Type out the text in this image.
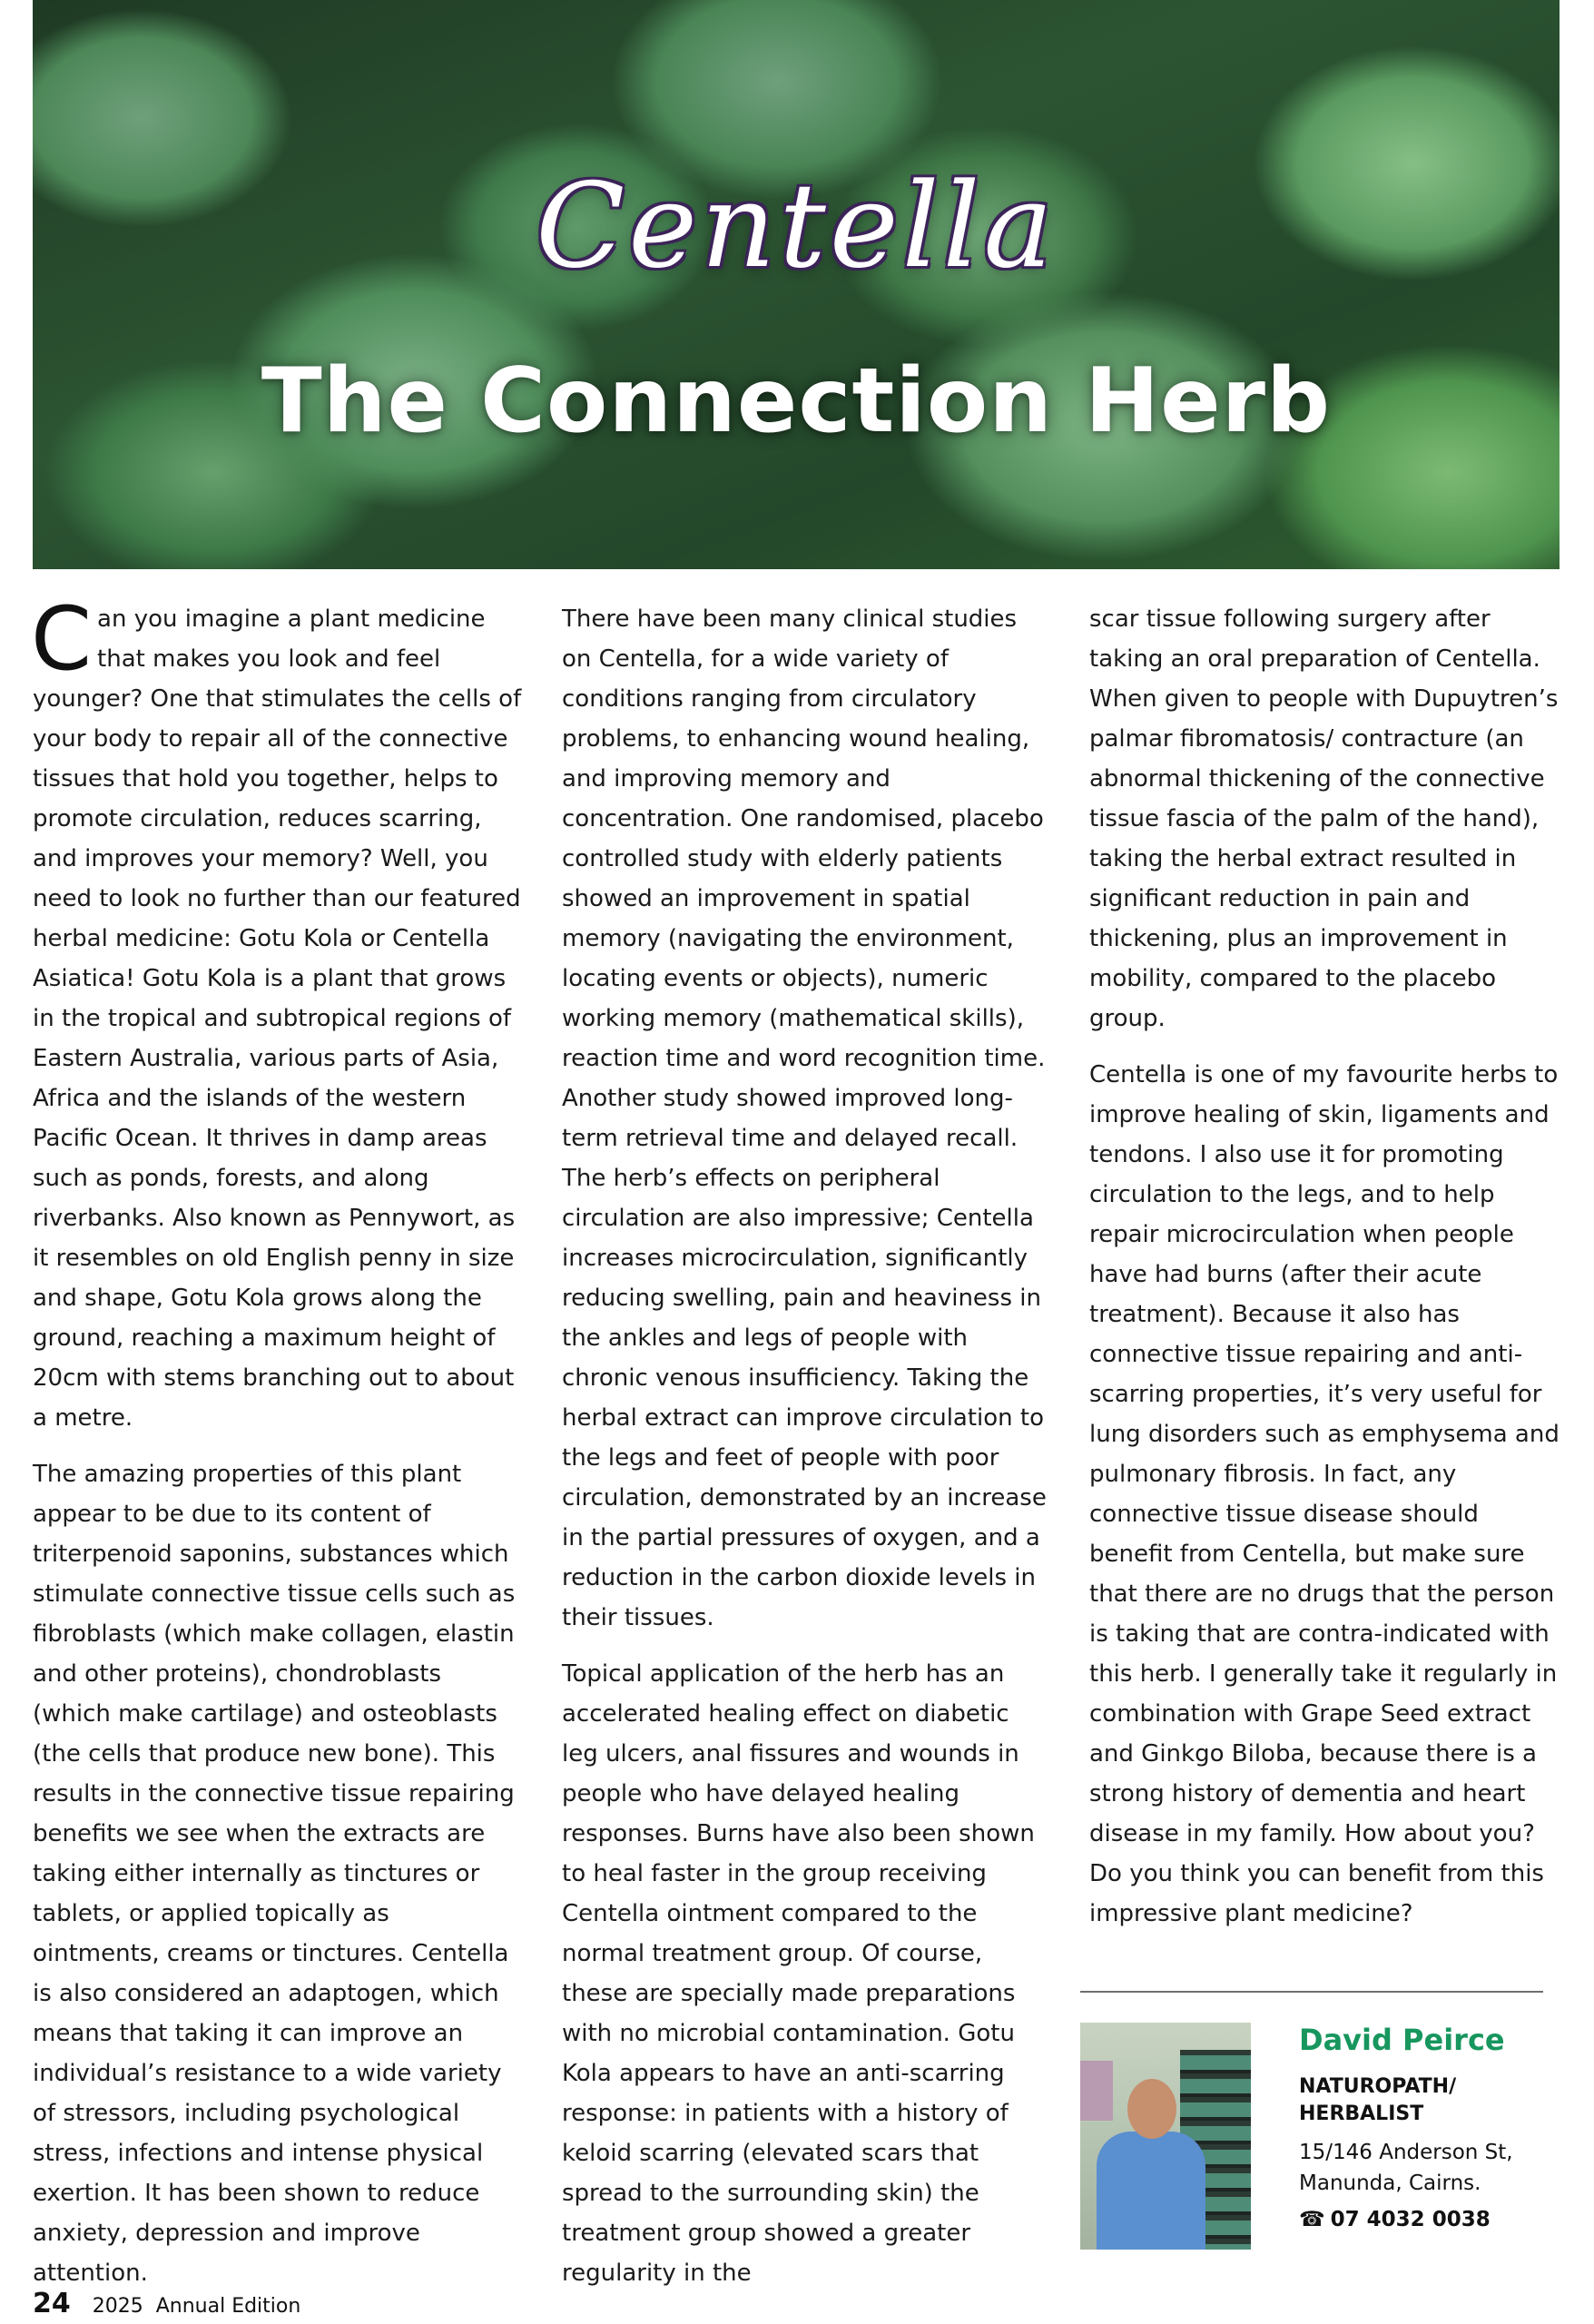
Centella
The Connection Herb

Can you imagine a plant medicine that makes you look and feel younger? One that stimulates the cells of your body to repair all of the connective tissues that hold you together, helps to promote circulation, reduces scarring, and improves your memory? Well, you need to look no further than our featured herbal medicine: Gotu Kola or Centella Asiatica! Gotu Kola is a plant that grows in the tropical and subtropical regions of Eastern Australia, various parts of Asia, Africa and the islands of the western Pacific Ocean. It thrives in damp areas such as ponds, forests, and along riverbanks. Also known as Pennywort, as it resembles on old English penny in size and shape, Gotu Kola grows along the ground, reaching a maximum height of 20cm with stems branching out to about a metre.

The amazing properties of this plant appear to be due to its content of triterpenoid saponins, substances which stimulate connective tissue cells such as fibroblasts (which make collagen, elastin and other proteins), chondroblasts (which make cartilage) and osteoblasts (the cells that produce new bone). This results in the connective tissue repairing benefits we see when the extracts are taking either internally as tinctures or tablets, or applied topically as ointments, creams or tinctures. Centella is also considered an adaptogen, which means that taking it can improve an individual’s resistance to a wide variety of stressors, including psychological stress, infections and intense physical exertion. It has been shown to reduce anxiety, depression and improve attention.

There have been many clinical studies on Centella, for a wide variety of conditions ranging from circulatory problems, to enhancing wound healing, and improving memory and concentration. One randomised, placebo controlled study with elderly patients showed an improvement in spatial memory (navigating the environment, locating events or objects), numeric working memory (mathematical skills), reaction time and word recognition time. Another study showed improved long-term retrieval time and delayed recall. The herb’s effects on peripheral circulation are also impressive; Centella increases microcirculation, significantly reducing swelling, pain and heaviness in the ankles and legs of people with chronic venous insufficiency. Taking the herbal extract can improve circulation to the legs and feet of people with poor circulation, demonstrated by an increase in the partial pressures of oxygen, and a reduction in the carbon dioxide levels in their tissues.

Topical application of the herb has an accelerated healing effect on diabetic leg ulcers, anal fissures and wounds in people who have delayed healing responses. Burns have also been shown to heal faster in the group receiving Centella ointment compared to the normal treatment group. Of course, these are specially made preparations with no microbial contamination. Gotu Kola appears to have an anti-scarring response: in patients with a history of keloid scarring (elevated scars that spread to the surrounding skin) the treatment group showed a greater regularity in the

scar tissue following surgery after taking an oral preparation of Centella. When given to people with Dupuytren’s palmar fibromatosis/ contracture (an abnormal thickening of the connective tissue fascia of the palm of the hand), taking the herbal extract resulted in significant reduction in pain and thickening, plus an improvement in mobility, compared to the placebo group.

Centella is one of my favourite herbs to improve healing of skin, ligaments and tendons. I also use it for promoting circulation to the legs, and to help repair microcirculation when people have had burns (after their acute treatment). Because it also has connective tissue repairing and anti-scarring properties, it’s very useful for lung disorders such as emphysema and pulmonary fibrosis. In fact, any connective tissue disease should benefit from Centella, but make sure that there are no drugs that the person is taking that are contra-indicated with this herb. I generally take it regularly in combination with Grape Seed extract and Ginkgo Biloba, because there is a strong history of dementia and heart disease in my family. How about you? Do you think you can benefit from this impressive plant medicine?

David Peirce
NATUROPATH/
HERBALIST
15/146 Anderson St,
Manunda, Cairns.
☎ 07 4032 0038
24 2025  Annual Edition
